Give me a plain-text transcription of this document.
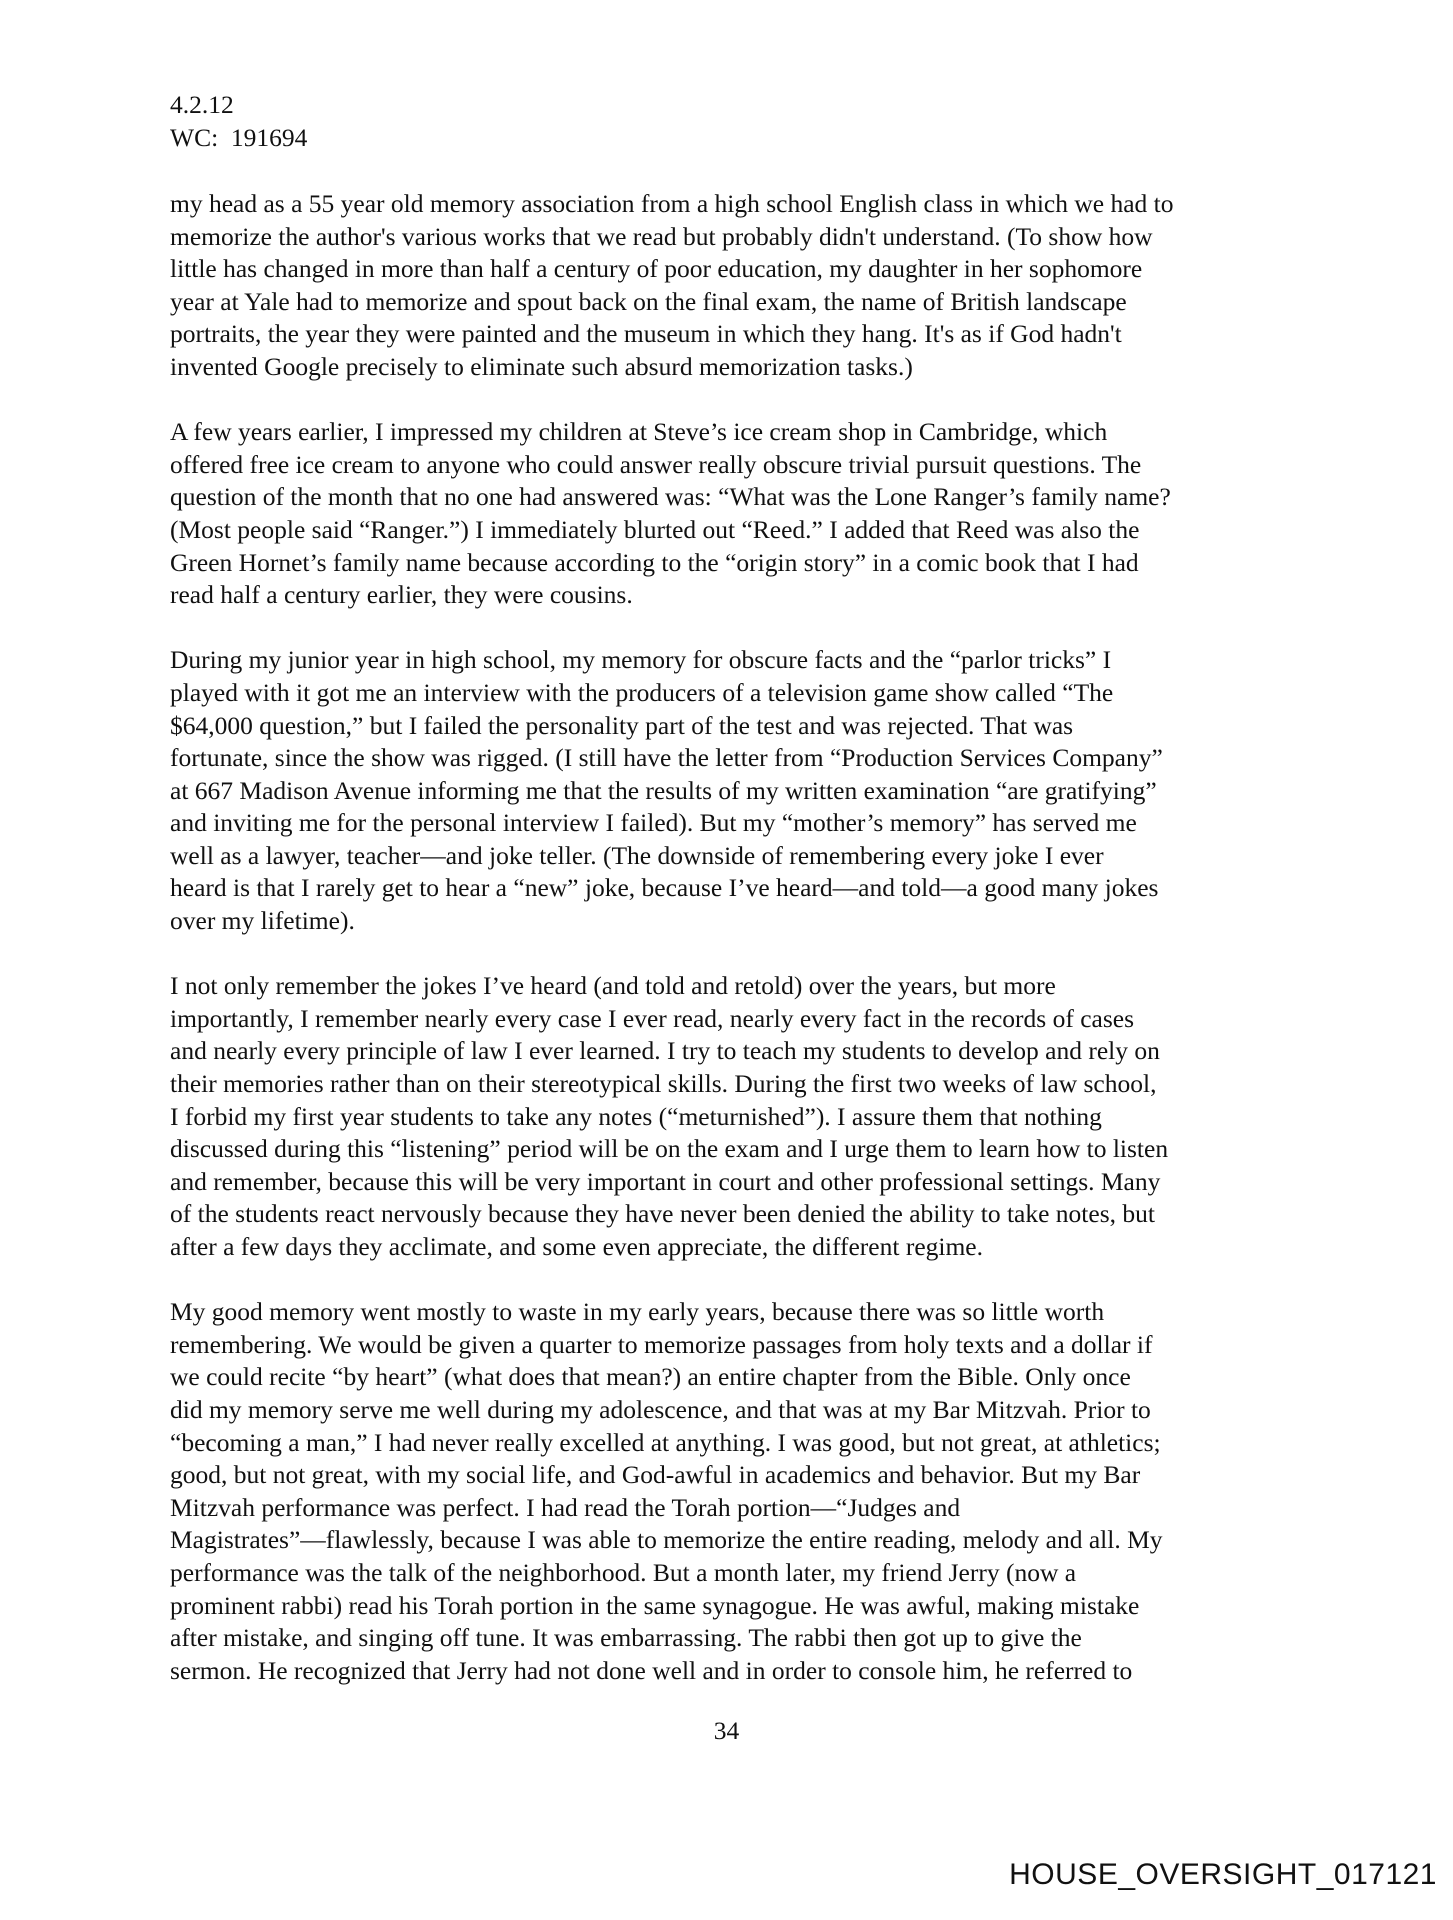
4.2.12
WC:  191694
my head as a 55 year old memory association from a high school English class in which we had to
memorize the author's various works that we read but probably didn't understand. (To show how
little has changed in more than half a century of poor education, my daughter in her sophomore
year at Yale had to memorize and spout back on the final exam, the name of British landscape
portraits, the year they were painted and the museum in which they hang. It's as if God hadn't
invented Google precisely to eliminate such absurd memorization tasks.)
A few years earlier, I impressed my children at Steve’s ice cream shop in Cambridge, which
offered free ice cream to anyone who could answer really obscure trivial pursuit questions. The
question of the month that no one had answered was: “What was the Lone Ranger’s family name?
(Most people said “Ranger.”) I immediately blurted out “Reed.” I added that Reed was also the
Green Hornet’s family name because according to the “origin story” in a comic book that I had
read half a century earlier, they were cousins.
During my junior year in high school, my memory for obscure facts and the “parlor tricks” I
played with it got me an interview with the producers of a television game show called “The
$64,000 question,” but I failed the personality part of the test and was rejected. That was
fortunate, since the show was rigged. (I still have the letter from “Production Services Company”
at 667 Madison Avenue informing me that the results of my written examination “are gratifying”
and inviting me for the personal interview I failed). But my “mother’s memory” has served me
well as a lawyer, teacher—and joke teller. (The downside of remembering every joke I ever
heard is that I rarely get to hear a “new” joke, because I’ve heard—and told—a good many jokes
over my lifetime).
I not only remember the jokes I’ve heard (and told and retold) over the years, but more
importantly, I remember nearly every case I ever read, nearly every fact in the records of cases
and nearly every principle of law I ever learned. I try to teach my students to develop and rely on
their memories rather than on their stereotypical skills. During the first two weeks of law school,
I forbid my first year students to take any notes (“meturnished”). I assure them that nothing
discussed during this “listening” period will be on the exam and I urge them to learn how to listen
and remember, because this will be very important in court and other professional settings. Many
of the students react nervously because they have never been denied the ability to take notes, but
after a few days they acclimate, and some even appreciate, the different regime.
My good memory went mostly to waste in my early years, because there was so little worth
remembering. We would be given a quarter to memorize passages from holy texts and a dollar if
we could recite “by heart” (what does that mean?) an entire chapter from the Bible. Only once
did my memory serve me well during my adolescence, and that was at my Bar Mitzvah. Prior to
“becoming a man,” I had never really excelled at anything. I was good, but not great, at athletics;
good, but not great, with my social life, and God-awful in academics and behavior. But my Bar
Mitzvah performance was perfect. I had read the Torah portion—“Judges and
Magistrates”—flawlessly, because I was able to memorize the entire reading, melody and all. My
performance was the talk of the neighborhood. But a month later, my friend Jerry (now a
prominent rabbi) read his Torah portion in the same synagogue. He was awful, making mistake
after mistake, and singing off tune. It was embarrassing. The rabbi then got up to give the
sermon. He recognized that Jerry had not done well and in order to console him, he referred to
34
HOUSE_OVERSIGHT_017121
